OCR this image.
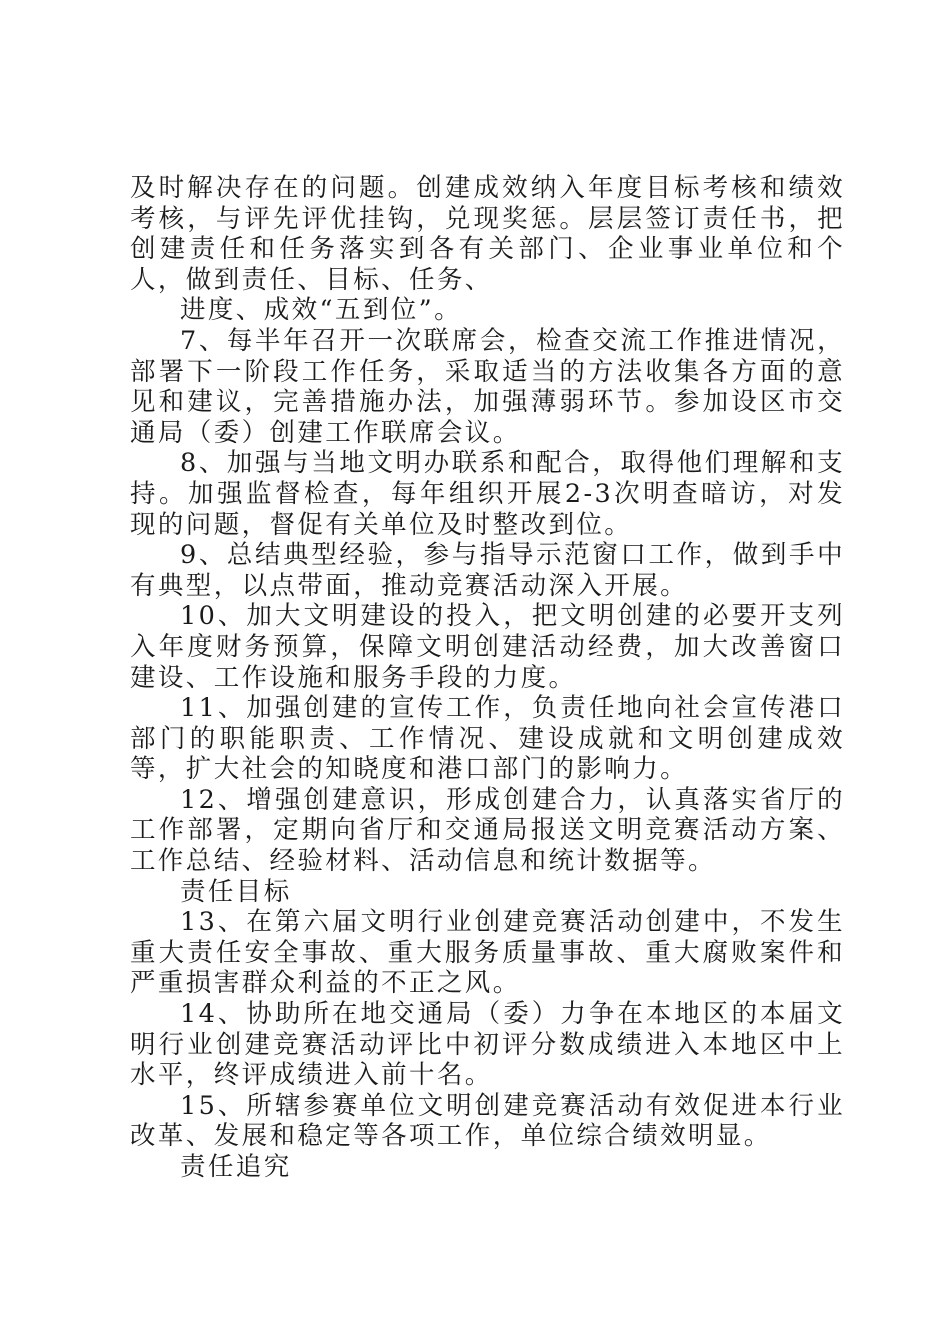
及时解决存在的问题。创建成效纳入年度目标考核和绩效考核，与评先评优挂钩，兑现奖惩。层层签订责任书，把创建责任和任务落实到各有关部门、企业事业单位和个人，做到责任、目标、任务、

进度、成效“五到位”。

7、每半年召开一次联席会，检查交流工作推进情况，部署下一阶段工作任务，采取适当的方法收集各方面的意见和建议，完善措施办法，加强薄弱环节。参加设区市交通局（委）创建工作联席会议。

8、加强与当地文明办联系和配合，取得他们理解和支持。加强监督检查，每年组织开展2-3次明查暗访，对发现的问题，督促有关单位及时整改到位。

9、总结典型经验，参与指导示范窗口工作，做到手中有典型，以点带面，推动竞赛活动深入开展。

10、加大文明建设的投入，把文明创建的必要开支列入年度财务预算，保障文明创建活动经费，加大改善窗口建设、工作设施和服务手段的力度。

11、加强创建的宣传工作，负责任地向社会宣传港口部门的职能职责、工作情况、建设成就和文明创建成效等，扩大社会的知晓度和港口部门的影响力。

12、增强创建意识，形成创建合力，认真落实省厅的工作部署，定期向省厅和交通局报送文明竞赛活动方案、工作总结、经验材料、活动信息和统计数据等。

责任目标

13、在第六届文明行业创建竞赛活动创建中，不发生重大责任安全事故、重大服务质量事故、重大腐败案件和严重损害群众利益的不正之风。

14、协助所在地交通局（委）力争在本地区的本届文明行业创建竞赛活动评比中初评分数成绩进入本地区中上水平，终评成绩进入前十名。

15、所辖参赛单位文明创建竞赛活动有效促进本行业改革、发展和稳定等各项工作，单位综合绩效明显。

责任追究
